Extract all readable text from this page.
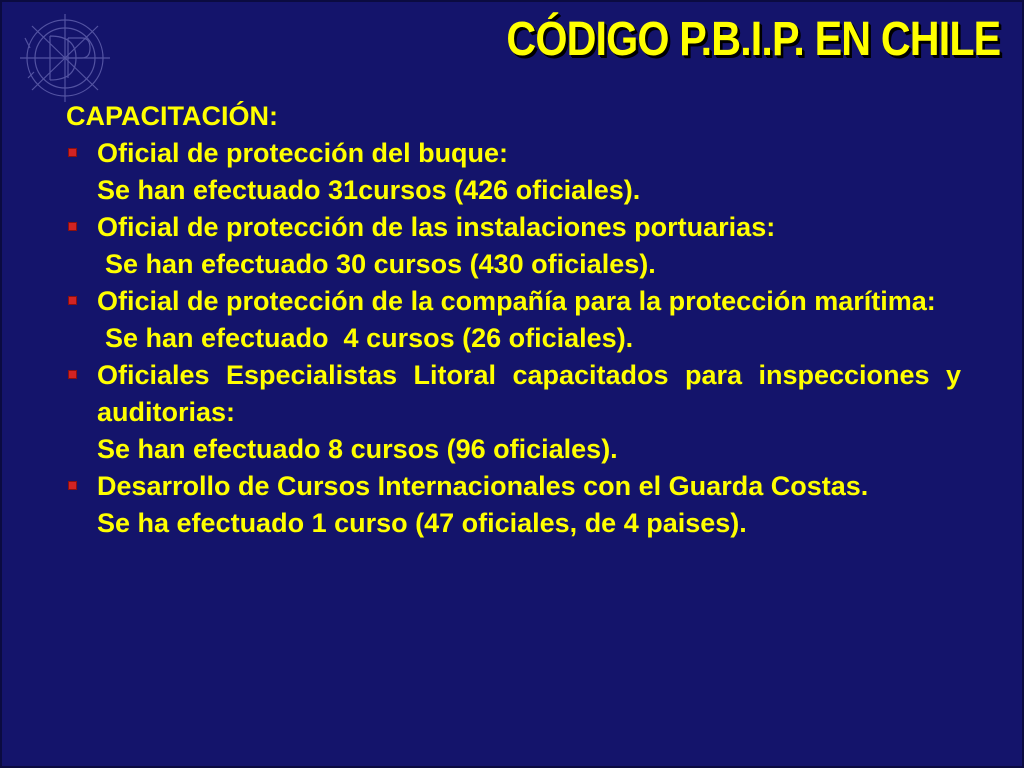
CÓDIGO P.B.I.P. EN CHILE

CAPACITACIÓN:

Oficial de protección del buque:
Se han efectuado 31cursos (426 oficiales).
Oficial de protección de las instalaciones portuarias:
Se han efectuado 30 cursos (430 oficiales).
Oficial de protección de la compañía para la protección marítima:
Se han efectuado  4 cursos (26 oficiales).
Oficiales Especialistas Litoral capacitados para inspecciones y auditorias:
Se han efectuado 8 cursos (96 oficiales).
Desarrollo de Cursos Internacionales con el Guarda Costas.
Se ha efectuado 1 curso (47 oficiales, de 4 paises).
